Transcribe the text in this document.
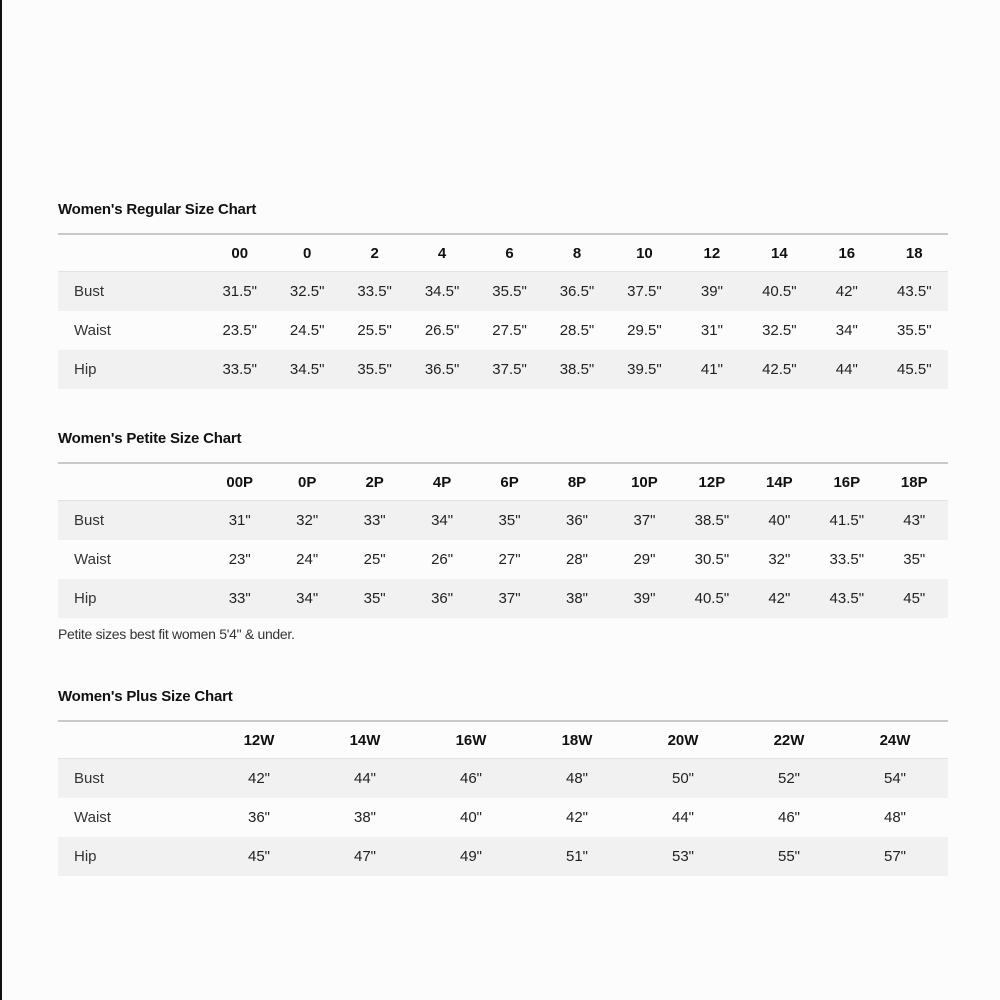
Women's Regular Size Chart
	00	0	2	4	6	8	10	12	14	16	18
Bust	31.5"	32.5"	33.5"	34.5"	35.5"	36.5"	37.5"	39"	40.5"	42"	43.5"
Waist	23.5"	24.5"	25.5"	26.5"	27.5"	28.5"	29.5"	31"	32.5"	34"	35.5"
Hip	33.5"	34.5"	35.5"	36.5"	37.5"	38.5"	39.5"	41"	42.5"	44"	45.5"
Women's Petite Size Chart
	00P	0P	2P	4P	6P	8P	10P	12P	14P	16P	18P
Bust	31"	32"	33"	34"	35"	36"	37"	38.5"	40"	41.5"	43"
Waist	23"	24"	25"	26"	27"	28"	29"	30.5"	32"	33.5"	35"
Hip	33"	34"	35"	36"	37"	38"	39"	40.5"	42"	43.5"	45"
Petite sizes best fit women 5'4" & under.
Women's Plus Size Chart
	12W	14W	16W	18W	20W	22W	24W
Bust	42"	44"	46"	48"	50"	52"	54"
Waist	36"	38"	40"	42"	44"	46"	48"
Hip	45"	47"	49"	51"	53"	55"	57"
